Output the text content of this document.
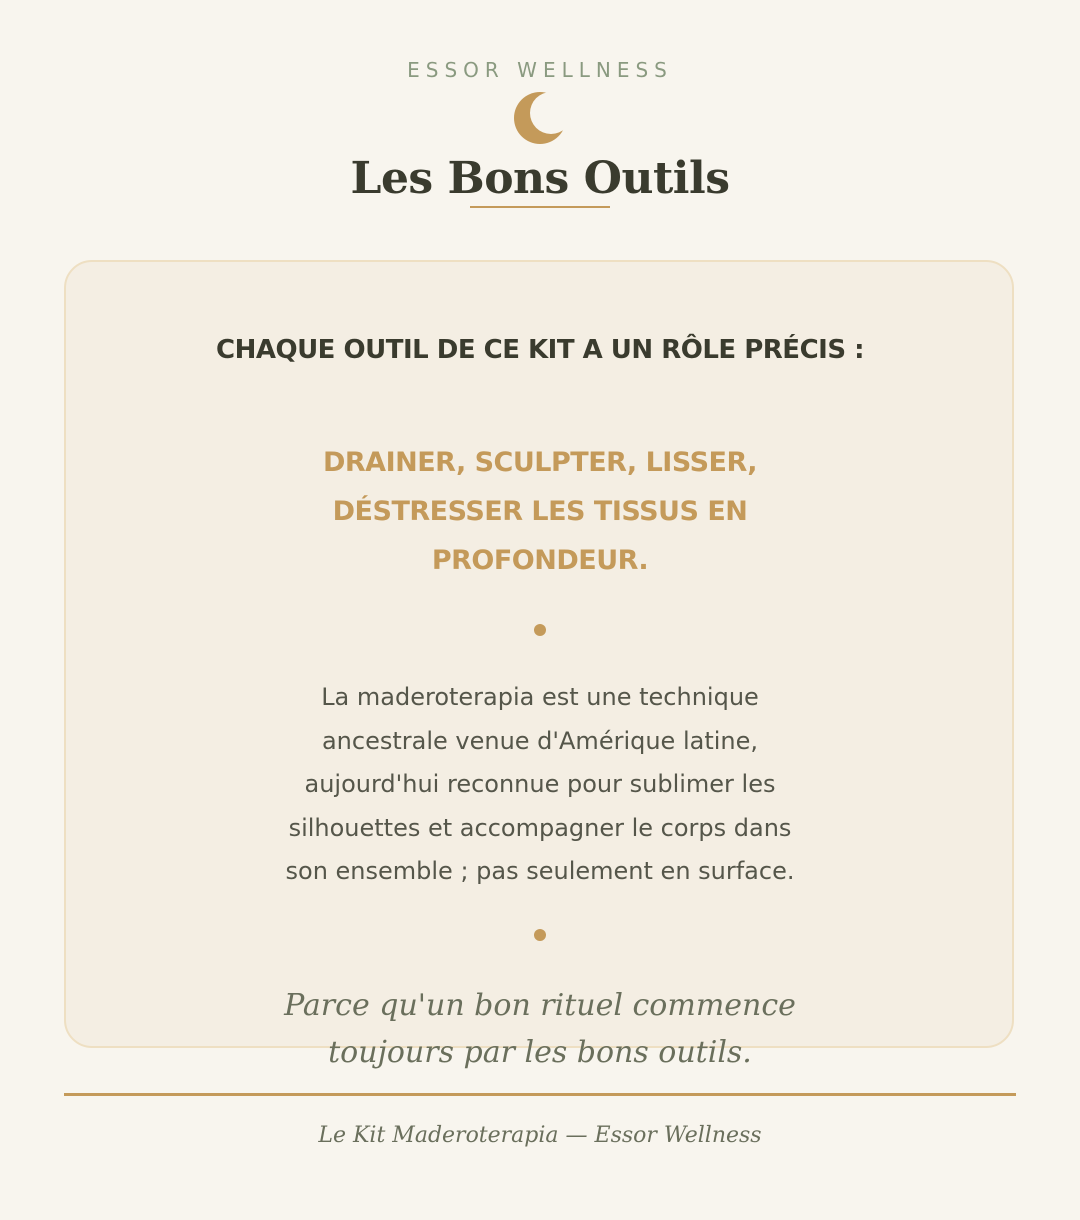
ESSOR WELLNESS
Les Bons Outils
CHAQUE OUTIL DE CE KIT A UN RÔLE PRÉCIS :
DRAINER, SCULPTER, LISSER,
DÉSTRESSER LES TISSUS EN
PROFONDEUR.
La maderoterapia est une technique
ancestrale venue d'Amérique latine,
aujourd'hui reconnue pour sublimer les
silhouettes et accompagner le corps dans
son ensemble ; pas seulement en surface.
Parce qu'un bon rituel commence
toujours par les bons outils.
Le Kit Maderoterapia — Essor Wellness
